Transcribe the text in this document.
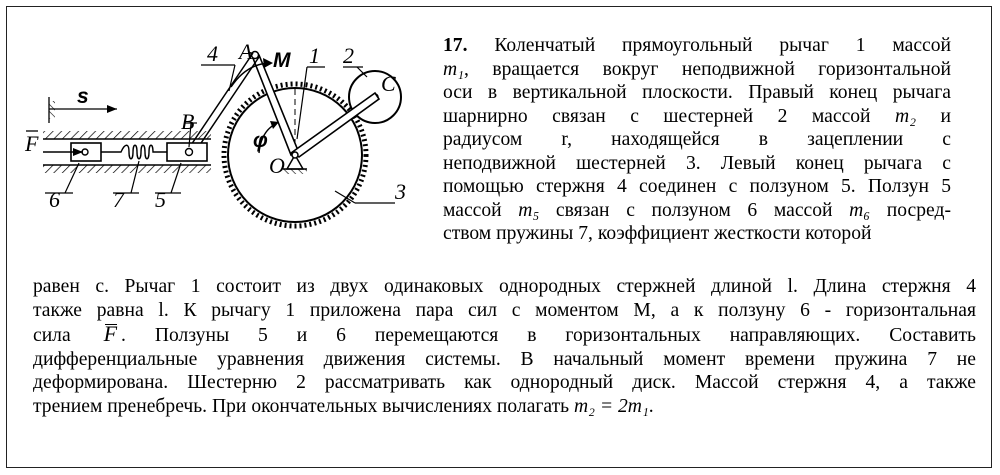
4 A M 1 2
C
s
B
φ
F
O
6 7 5	3
17. Коленчатый прямоугольный рычаг 1 массой
m₁, вращается вокруг неподвижной горизонтальной
оси в вертикальной плоскости. Правый конец рычага
шарнирно связан с шестерней 2 массой m₂ и
радиусом r, находящейся в зацеплении с
неподвижной шестерней 3. Левый конец рычага с
помощью стержня 4 соединен с ползуном 5. Ползун 5
массой m₅ связан с ползуном 6 массой m₆ посред-
ством пружины 7, коэффициент жесткости которой
равен c. Рычаг 1 состоит из двух одинаковых однородных стержней длиной l. Длина стержня 4
также равна l. К рычагу 1 приложена пара сил с моментом M, а к ползуну 6 - горизонтальная
сила F . Ползуны 5 и 6 перемещаются в горизонтальных направляющих. Составить
дифференциальные уравнения движения системы. В начальный момент времени пружина 7 не
деформирована. Шестерню 2 рассматривать как однородный диск. Массой стержня 4, а также
трением пренебречь. При окончательных вычислениях полагать m₂ = 2m₁.
